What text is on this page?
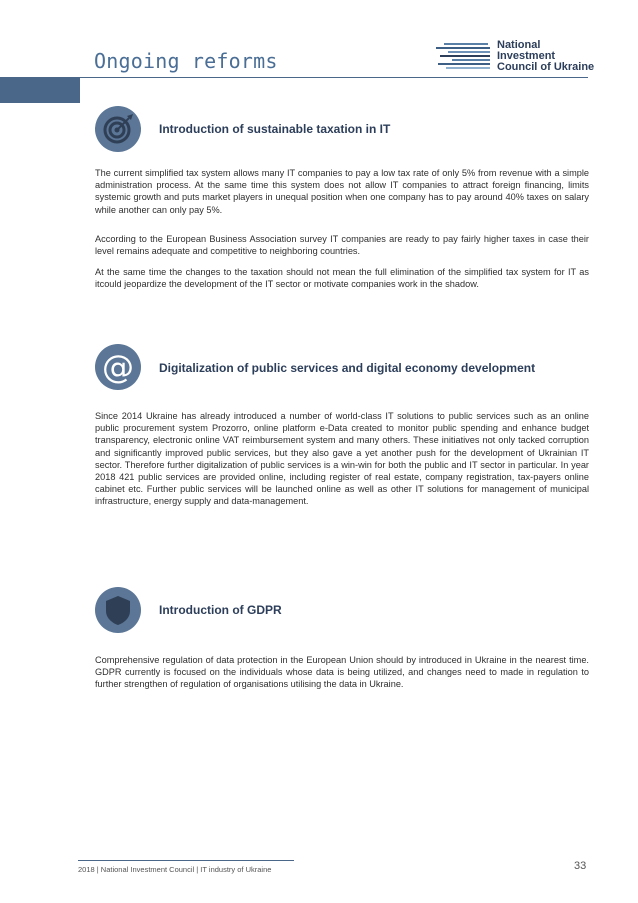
Ongoing reforms
National
Investment
Council of Ukraine
Introduction of sustainable taxation in IT

The current simplified tax system allows many IT companies to pay a low tax rate of only 5% from revenue with a simple administration process. At the same time this system does not allow IT companies to attract foreign financing, limits systemic growth and puts market players in unequal position when one company has to pay around 40% taxes on salary while another can only pay 5%.

According to the European Business Association survey IT companies are ready to pay fairly higher taxes in case their level remains adequate and competitive to neighboring countries.

At the same time the changes to the taxation should not mean the full elimination of the simplified tax system for IT as itcould jeopardize the development of the IT sector or motivate companies work in the shadow.

@ Digitalization of public services and digital economy development

Since 2014 Ukraine has already introduced a number of world-class IT solutions to public services such as an online public procurement system Prozorro, online platform e-Data created to monitor public spending and enhance budget transparency, electronic online VAT reimbursement system and many others. These initiatives not only tacked corruption and significantly improved public services, but they also gave a yet another push for the development of Ukrainian IT sector. Therefore further digitalization of public services is a win-win for both the public and IT sector in particular. In year 2018 421 public services are provided online, including register of real estate, company registration, tax-payers online cabinet etc. Further public services will be launched online as well as other IT solutions for management of municipal infrastructure, energy supply and data-management.

Introduction of GDPR

Comprehensive regulation of data protection in the European Union should by introduced in Ukraine in the nearest time. GDPR currently is focused on the individuals whose data is being utilized, and changes need to made in regulation to further strengthen of regulation of organisations utilising the data in Ukraine.

2018 | National Investment Council | IT industry of Ukraine	33
